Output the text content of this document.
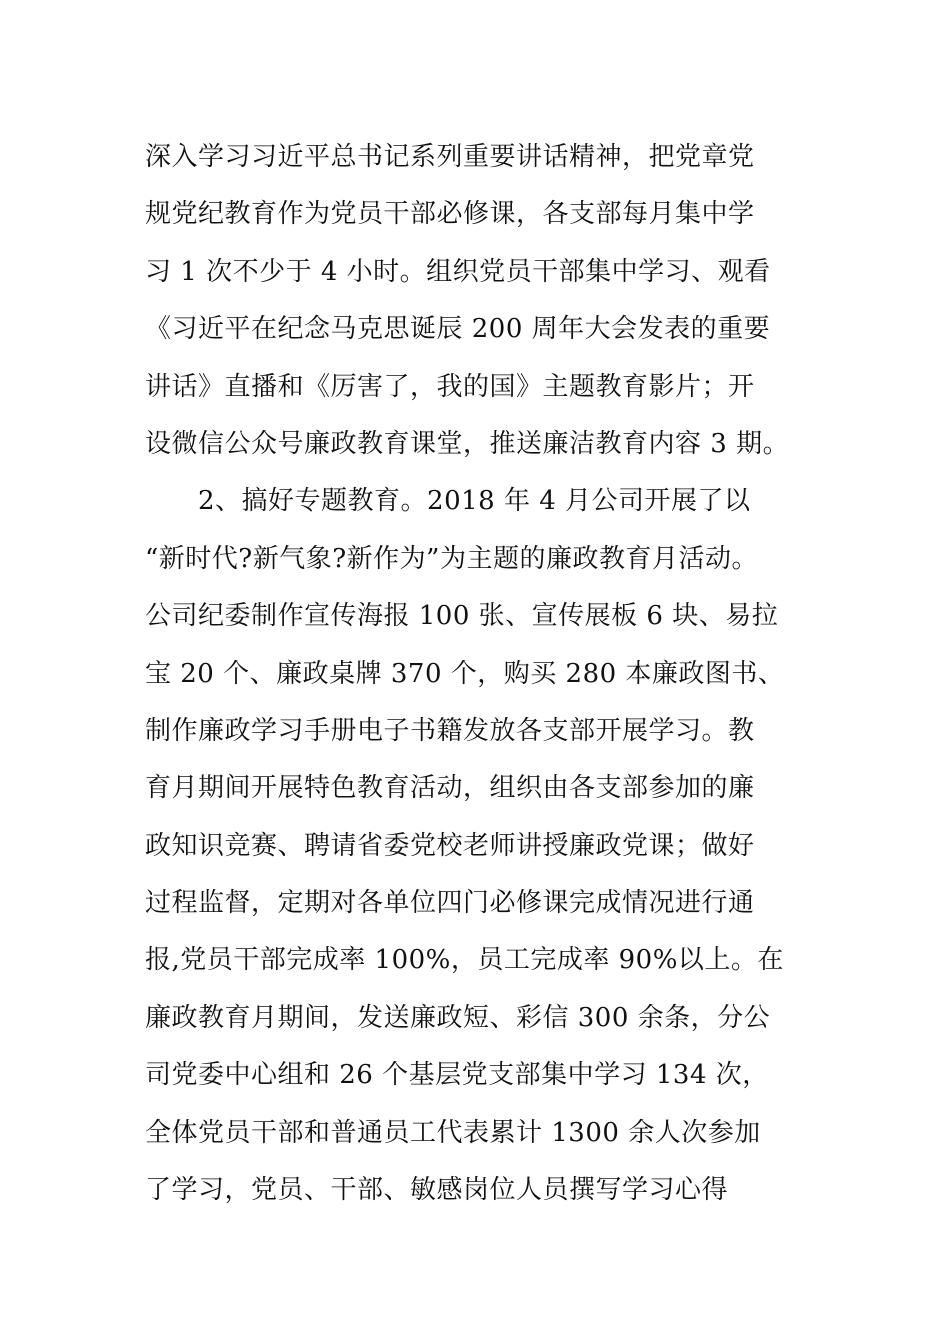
深入学习习近平总书记系列重要讲话精神，把党章党
规党纪教育作为党员干部必修课，各支部每月集中学
习 1 次不少于 4 小时。组织党员干部集中学习、观看
《习近平在纪念马克思诞辰 200 周年大会发表的重要
讲话》直播和《厉害了，我的国》主题教育影片；开
设微信公众号廉政教育课堂，推送廉洁教育内容 3 期。
　　2、搞好专题教育。2018 年 4 月公司开展了以
“新时代?新气象?新作为”为主题的廉政教育月活动。
公司纪委制作宣传海报 100 张、宣传展板 6 块、易拉
宝 20 个、廉政桌牌 370 个，购买 280 本廉政图书、
制作廉政学习手册电子书籍发放各支部开展学习。教
育月期间开展特色教育活动，组织由各支部参加的廉
政知识竞赛、聘请省委党校老师讲授廉政党课；做好
过程监督，定期对各单位四门必修课完成情况进行通
报,党员干部完成率 100%，员工完成率 90%以上。在
廉政教育月期间，发送廉政短、彩信 300 余条，分公
司党委中心组和 26 个基层党支部集中学习 134 次，
全体党员干部和普通员工代表累计 1300 余人次参加
了学习，党员、干部、敏感岗位人员撰写学习心得
